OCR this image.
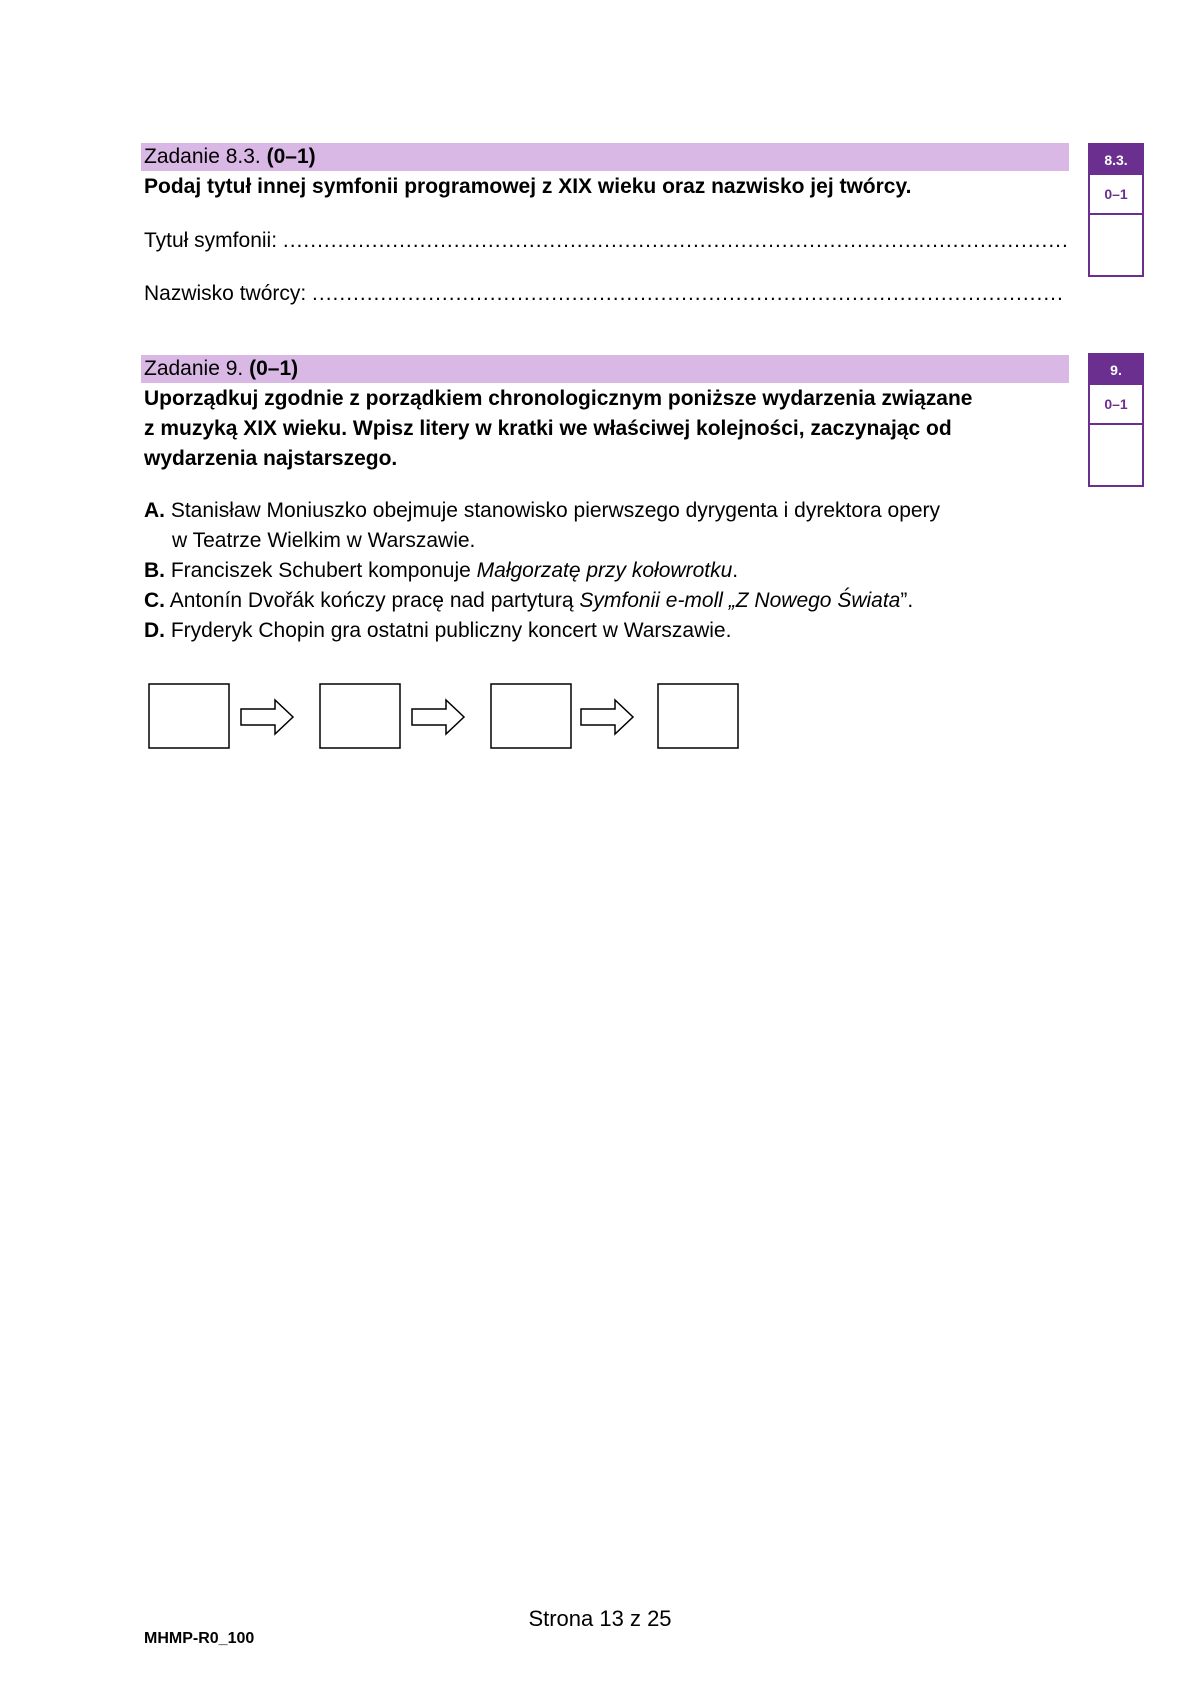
Zadanie 8.3. (0–1)
Podaj tytuł innej symfonii programowej z XIX wieku oraz nazwisko jej twórcy.
Tytuł symfonii: ...................................................................................................................
Nazwisko twórcy: ..............................................................................................................
8.3.
0–1
Zadanie 9. (0–1)
Uporządkuj zgodnie z porządkiem chronologicznym poniższe wydarzenia związane
z muzyką XIX wieku. Wpisz litery w kratki we właściwej kolejności, zaczynając od
wydarzenia najstarszego.
9.
0–1
A. Stanisław Moniuszko obejmuje stanowisko pierwszego dyrygenta i dyrektora opery
w Teatrze Wielkim w Warszawie.
B. Franciszek Schubert komponuje Małgorzatę przy kołowrotku.
C. Antonín Dvořák kończy pracę nad partyturą Symfonii e-moll „Z Nowego Świata”.
D. Fryderyk Chopin gra ostatni publiczny koncert w Warszawie.
Strona 13 z 25
MHMP-R0_100
